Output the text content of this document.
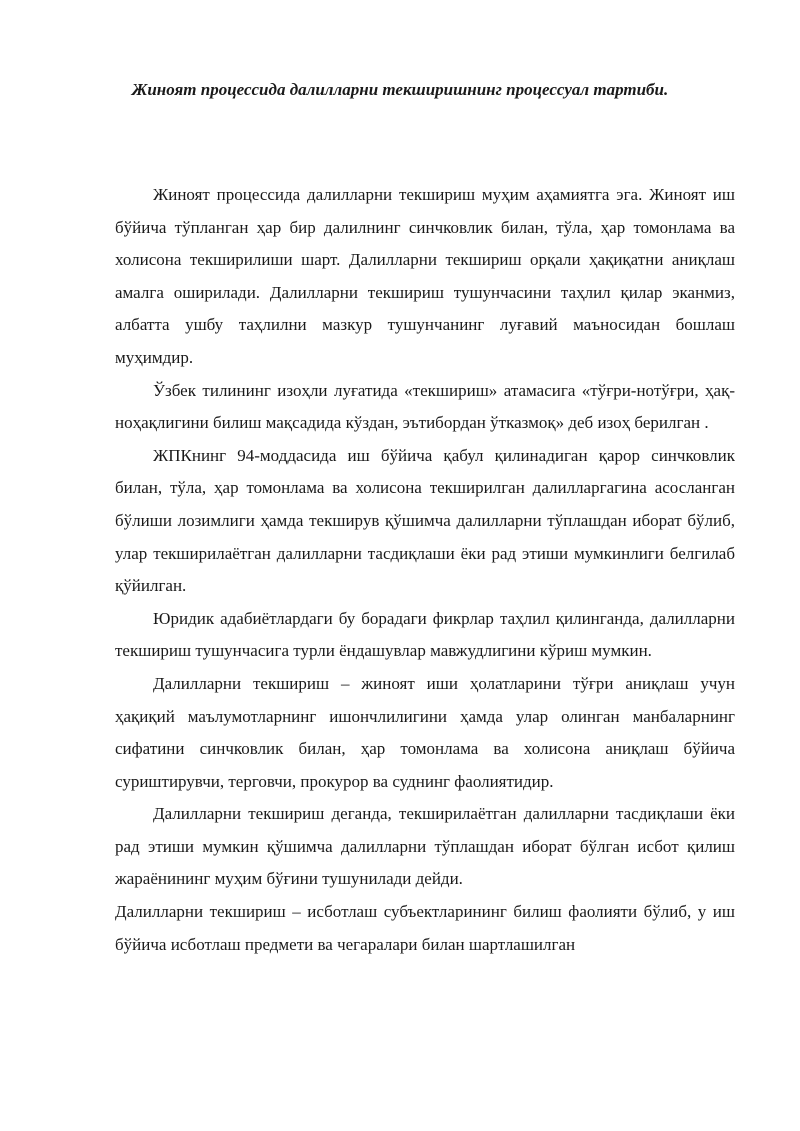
Жиноят процессида далилларни текширишнинг процессуал тартиби.

Жиноят процессида далилларни текшириш муҳим аҳамиятга эга. Жиноят иш бўйича тўпланган ҳар бир далилнинг синчковлик билан, тўла, ҳар томонлама ва холисона текширилиши шарт. Далилларни текшириш орқали ҳақиқатни аниқлаш амалга оширилади. Далилларни текшириш тушунчасини таҳлил қилар эканмиз, албатта ушбу таҳлилни мазкур тушунчанинг луғавий маъносидан бошлаш муҳимдир.

Ўзбек тилининг изоҳли луғатида «текшириш» атамасига «тўғри-нотўғри, ҳақ-ноҳақлигини билиш мақсадида кўздан, эътибордан ўтказмоқ» деб изоҳ берилган .

ЖПКнинг 94-моддасида иш бўйича қабул қилинадиган қарор синчковлик билан, тўла, ҳар томонлама ва холисона текширилган далилларгагина асосланган бўлиши лозимлиги ҳамда текширув қўшимча далилларни тўплашдан иборат бўлиб, улар текширилаётган далилларни тасдиқлаши ёки рад этиши мумкинлиги белгилаб қўйилган.

Юридик адабиётлардаги бу борадаги фикрлар таҳлил қилинганда, далилларни текшириш тушунчасига турли ёндашувлар мавжудлигини кўриш мумкин.

Далилларни текшириш – жиноят иши ҳолатларини тўғри аниқлаш учун ҳақиқий маълумотларнинг ишончлилигини ҳамда улар олинган манбаларнинг сифатини синчковлик билан, ҳар томонлама ва холисона аниқлаш бўйича суриштирувчи, терговчи, прокурор ва суднинг фаолиятидир.

Далилларни текшириш деганда, текширилаётган далилларни тасдиқлаши ёки рад этиши мумкин қўшимча далилларни тўплашдан иборат бўлган исбот қилиш жараёнининг муҳим бўғини тушунилади дейди.

Далилларни текшириш – исботлаш субъектларининг билиш фаолияти бўлиб, у иш бўйича исботлаш предмети ва чегаралари билан шартлашилган
